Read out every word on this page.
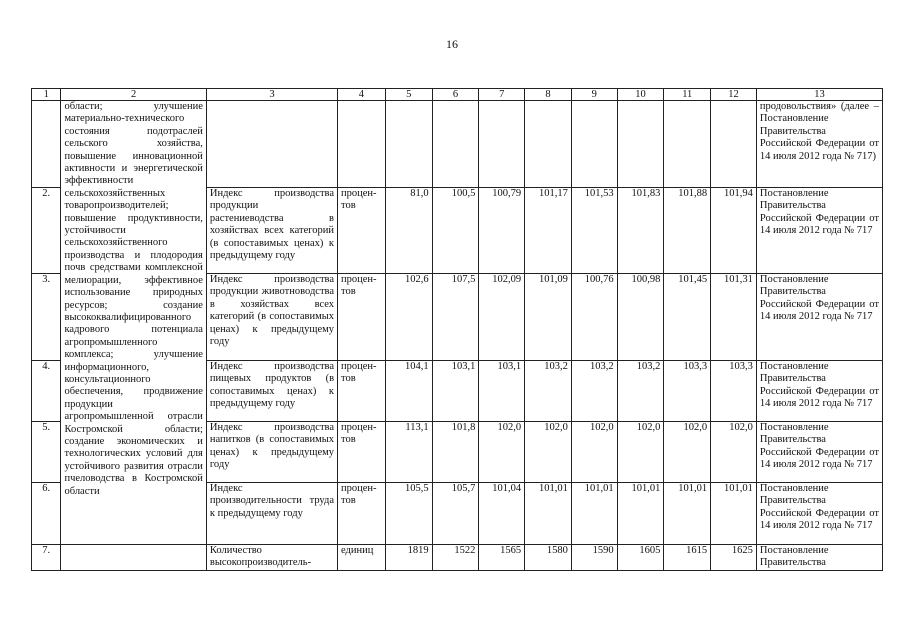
16
1	2	3	4	5	6	7	8	9	10	11	12	13
	области; улучшение материально-технического состояния подотраслей сельского хозяйства, повышение инновационной активности и энергетической эффективности сельскохозяйственных товаропроизводителей; повышение продуктивности, устойчивости сельскохозяйственного производства и плодородия почв средствами комплексной мелиорации, эффективное использование природных ресурсов; создание высококвалифицированного кадрового потенциала агропромышленного комплекса; улучшение информационного, консультационного обеспечения, продвижение продукции агропромышленной отрасли Костромской области; создание экономических и технологических условий для устойчивого развития отрасли пчеловодства в Костромской области											продовольствия» (далее – Постановление Правительства Российской Федерации от 14 июля 2012 года № 717)
2.		Индекс производства продукции растениеводства в хозяйствах всех категорий (в сопоставимых ценах) к предыдущему году	процен-тов	81,0	100,5	100,79	101,17	101,53	101,83	101,88	101,94	Постановление Правительства Российской Федерации от 14 июля 2012 года № 717
3.		Индекс производства продукции животноводства в хозяйствах всех категорий (в сопоставимых ценах) к предыдущему году	процен-тов	102,6	107,5	102,09	101,09	100,76	100,98	101,45	101,31	Постановление Правительства Российской Федерации от 14 июля 2012 года № 717
4.		Индекс производства пищевых продуктов (в сопоставимых ценах) к предыдущему году	процен-тов	104,1	103,1	103,1	103,2	103,2	103,2	103,3	103,3	Постановление Правительства Российской Федерации от 14 июля 2012 года № 717
5.		Индекс производства напитков (в сопоставимых ценах) к предыдущему году	процен-тов	113,1	101,8	102,0	102,0	102,0	102,0	102,0	102,0	Постановление Правительства Российской Федерации от 14 июля 2012 года № 717
6.		Индекс производительности труда к предыдущему году	процен-тов	105,5	105,7	101,04	101,01	101,01	101,01	101,01	101,01	Постановление Правительства Российской Федерации от 14 июля 2012 года № 717
7.		Количество высокопроизводитель-	единиц	1819	1522	1565	1580	1590	1605	1615	1625	Постановление Правительства
